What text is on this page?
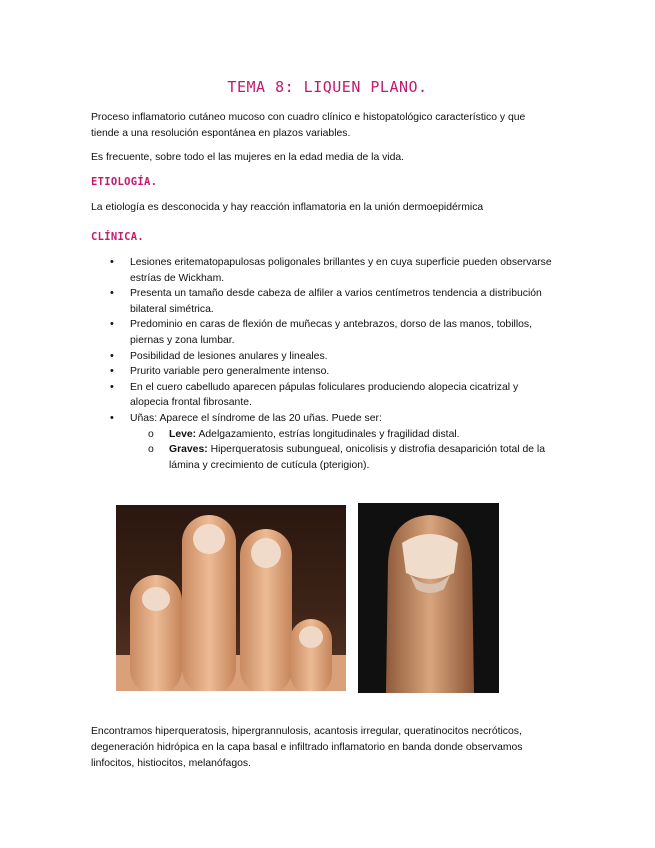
TEMA 8: LIQUEN PLANO.
Proceso inflamatorio cutáneo mucoso con cuadro clínico e histopatológico característico y que
tiende a una resolución espontánea en plazos variables.
Es frecuente, sobre todo el las mujeres en la edad media de la vida.
ETIOLOGÍA.
La etiología es desconocida y hay reacción inflamatoria en la unión dermoepidérmica
CLÍNICA.
• Lesiones eritematopapulosas poligonales brillantes y en cuya superficie pueden observarse
estrías de Wickham.
• Presenta un tamaño desde cabeza de alfiler a varios centímetros tendencia a distribución
bilateral simétrica.
• Predominio en caras de flexión de muñecas y antebrazos, dorso de las manos, tobillos,
piernas y zona lumbar.
• Posibilidad de lesiones anulares y lineales.
• Prurito variable pero generalmente intenso.
• En el cuero cabelludo aparecen pápulas foliculares produciendo alopecia cicatrizal y
alopecia frontal fibrosante.
• Uñas: Aparece el síndrome de las 20 uñas. Puede ser:
o Leve: Adelgazamiento, estrías longitudinales y fragilidad distal.
o Graves: Hiperqueratosis subungueal, onicolisis y distrofia desaparición total de la
lámina y crecimiento de cutícula (pterigion).
Encontramos hiperqueratosis, hipergrannulosis, acantosis irregular, queratinocitos necróticos,
degeneración hidrópica en la capa basal e infiltrado inflamatorio en banda donde observamos
linfocitos, histiocitos, melanófagos.
